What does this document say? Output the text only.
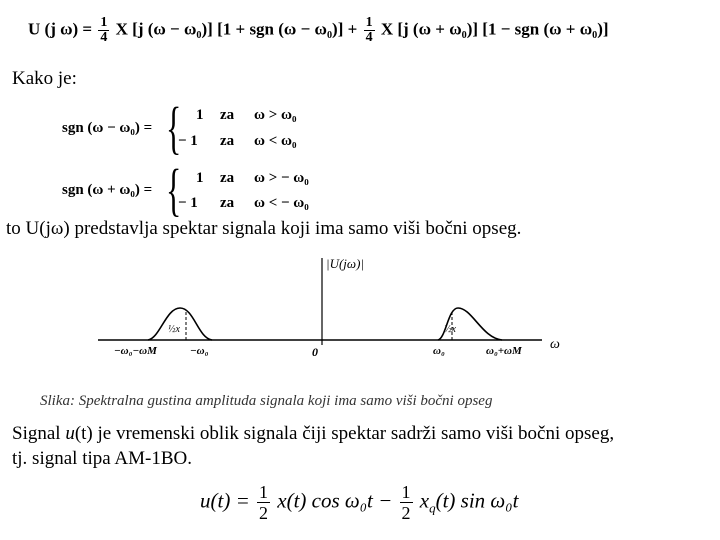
U (j $\omega) = \frac{1}{4}$ X [j (ω − ω₀)] [1 + sgn $(\omega - \omega_0)] + \frac{1}{4}$ X [j (ω + ω₀)] [1 − sgn (ω + ω₀)]
Kako je:
sgn (ω − ω₀) = { 1 za ω > ω₀
− 1 za ω < ω₀
sgn (ω + ω₀) = { 1 za ω > − ω₀
− 1 za ω < − ω₀
to U(jω) predstavlja spektar signala koji ima samo viši bočni opseg.
|U(jω)|
ω
½x	½x
−ω₀−ωM	−ω₀	0	ω₀	ω₀+ωM
Slika: Spektralna gustina amplituda signala koji ima samo viši bočni opseg
Signal u(t) je vremenski oblik signala čiji spektar sadrži samo viši bočni opseg,
tj. signal tipa AM-1BO.
$u(t) = \frac{1}{2} x(t)$ $\cos \omega_0t - \frac{1}{2} x_q(t)$ sin ω₀t
